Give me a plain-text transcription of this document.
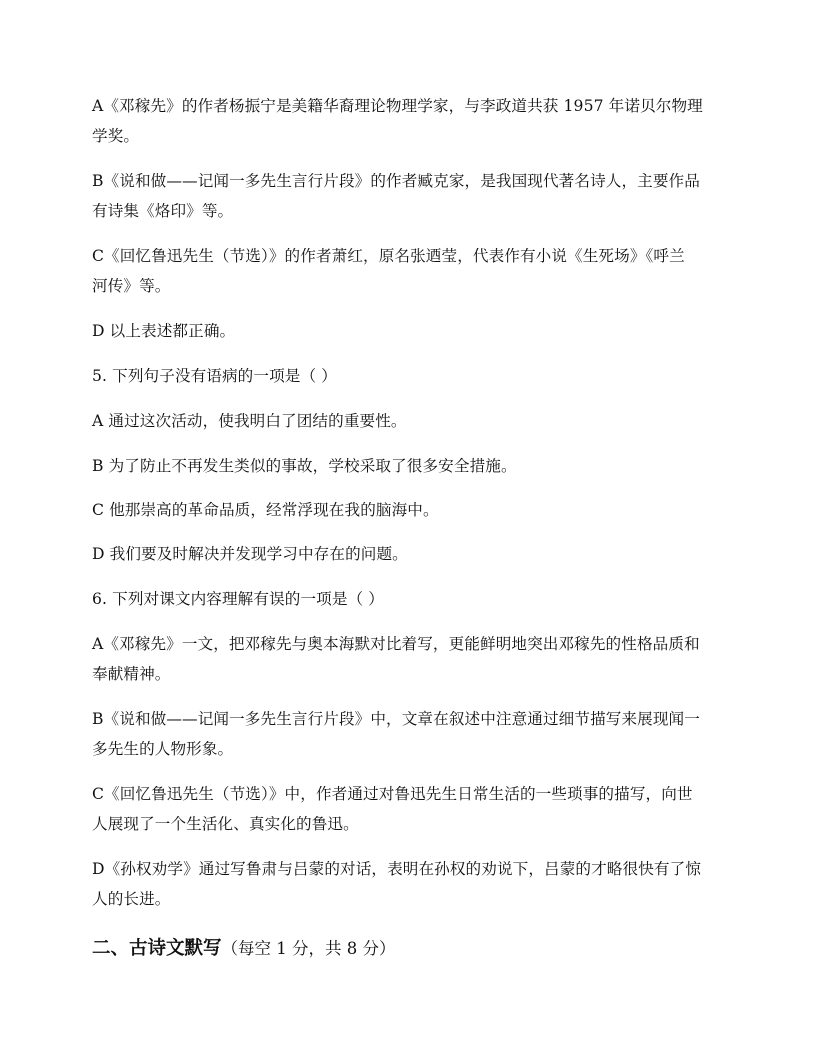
A《邓稼先》的作者杨振宁是美籍华裔理论物理学家，与李政道共获 1957 年诺贝尔物理
学奖。
B《说和做——记闻一多先生言行片段》的作者臧克家，是我国现代著名诗人，主要作品
有诗集《烙印》等。
C《回忆鲁迅先生（节选）》的作者萧红，原名张迺莹，代表作有小说《生死场》《呼兰
河传》等。
D 以上表述都正确。
5. 下列句子没有语病的一项是（ ）
A 通过这次活动，使我明白了团结的重要性。
B 为了防止不再发生类似的事故，学校采取了很多安全措施。
C 他那崇高的革命品质，经常浮现在我的脑海中。
D 我们要及时解决并发现学习中存在的问题。
6. 下列对课文内容理解有误的一项是（ ）
A《邓稼先》一文，把邓稼先与奥本海默对比着写，更能鲜明地突出邓稼先的性格品质和
奉献精神。
B《说和做——记闻一多先生言行片段》中，文章在叙述中注意通过细节描写来展现闻一
多先生的人物形象。
C《回忆鲁迅先生（节选）》中，作者通过对鲁迅先生日常生活的一些琐事的描写，向世
人展现了一个生活化、真实化的鲁迅。
D《孙权劝学》通过写鲁肃与吕蒙的对话，表明在孙权的劝说下，吕蒙的才略很快有了惊
人的长进。
二、古诗文默写（每空 1 分，共 8 分）
